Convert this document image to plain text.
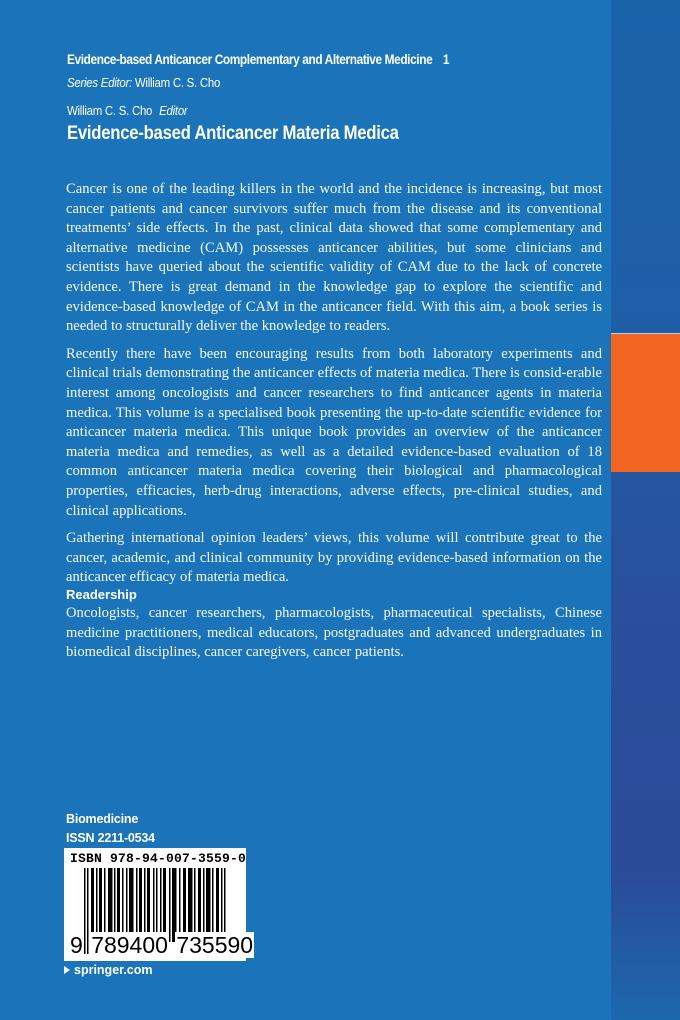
Evidence-based Anticancer Complementary and Alternative Medicine 1
Series Editor: William C. S. Cho
William C. S. Cho Editor
Evidence-based Anticancer Materia Medica

Cancer is one of the leading killers in the world and the incidence is increasing, but most cancer patients and cancer survivors suffer much from the disease and its conventional treatments’ side effects. In the past, clinical data showed that some complementary and alternative medicine (CAM) possesses anticancer abilities, but some clinicians and scientists have queried about the scientific validity of CAM due to the lack of concrete evidence. There is great demand in the knowledge gap to explore the scientific and evidence-based knowledge of CAM in the anticancer field. With this aim, a book series is needed to structurally deliver the knowledge to readers.

Recently there have been encouraging results from both laboratory experiments and clinical trials demonstrating the anticancer effects of materia medica. There is consid-erable interest among oncologists and cancer researchers to find anticancer agents in materia medica. This volume is a specialised book presenting the up-to-date scientific evidence for anticancer materia medica. This unique book provides an overview of the anticancer materia medica and remedies, as well as a detailed evidence-based evaluation of 18 common anticancer materia medica covering their biological and pharmacological properties, efficacies, herb-drug interactions, adverse effects, pre-clinical studies, and clinical applications.

Gathering international opinion leaders’ views, this volume will contribute great to the cancer, academic, and clinical community by providing evidence-based information on the anticancer efficacy of materia medica.

Readership
Oncologists, cancer researchers, pharmacologists, pharmaceutical specialists, Chinese medicine practitioners, medical educators, postgraduates and advanced undergraduates in biomedical disciplines, cancer caregivers, cancer patients.
Biomedicine
ISSN 2211-0534
ISBN 978-94-007-3559-0
9 789400 735590
springer.com
